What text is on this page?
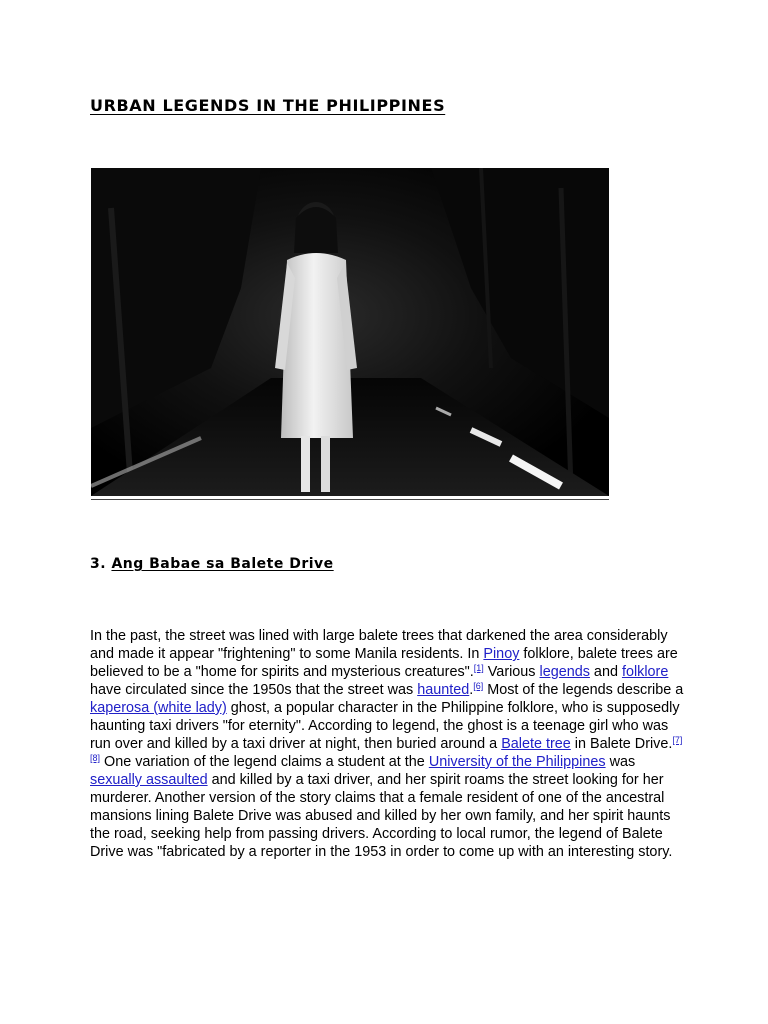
URBAN LEGENDS IN THE PHILIPPINES
3. Ang Babae sa Balete Drive

In the past, the street was lined with large balete trees that darkened the area considerably and made it appear "frightening" to some Manila residents. In Pinoy folklore, balete trees are believed to be a "home for spirits and mysterious creatures".[1] Various legends and folklore have circulated since the 1950s that the street was haunted.[6] Most of the legends describe a kaperosa (white lady) ghost, a popular character in the Philippine folklore, who is supposedly haunting taxi drivers "for eternity". According to legend, the ghost is a teenage girl who was run over and killed by a taxi driver at night, then buried around a Balete tree in Balete Drive.[7][8] One variation of the legend claims a student at the University of the Philippines was sexually assaulted and killed by a taxi driver, and her spirit roams the street looking for her murderer. Another version of the story claims that a female resident of one of the ancestral mansions lining Balete Drive was abused and killed by her own family, and her spirit haunts the road, seeking help from passing drivers. According to local rumor, the legend of Balete Drive was "fabricated by a reporter in the 1953 in order to come up with an interesting story.
